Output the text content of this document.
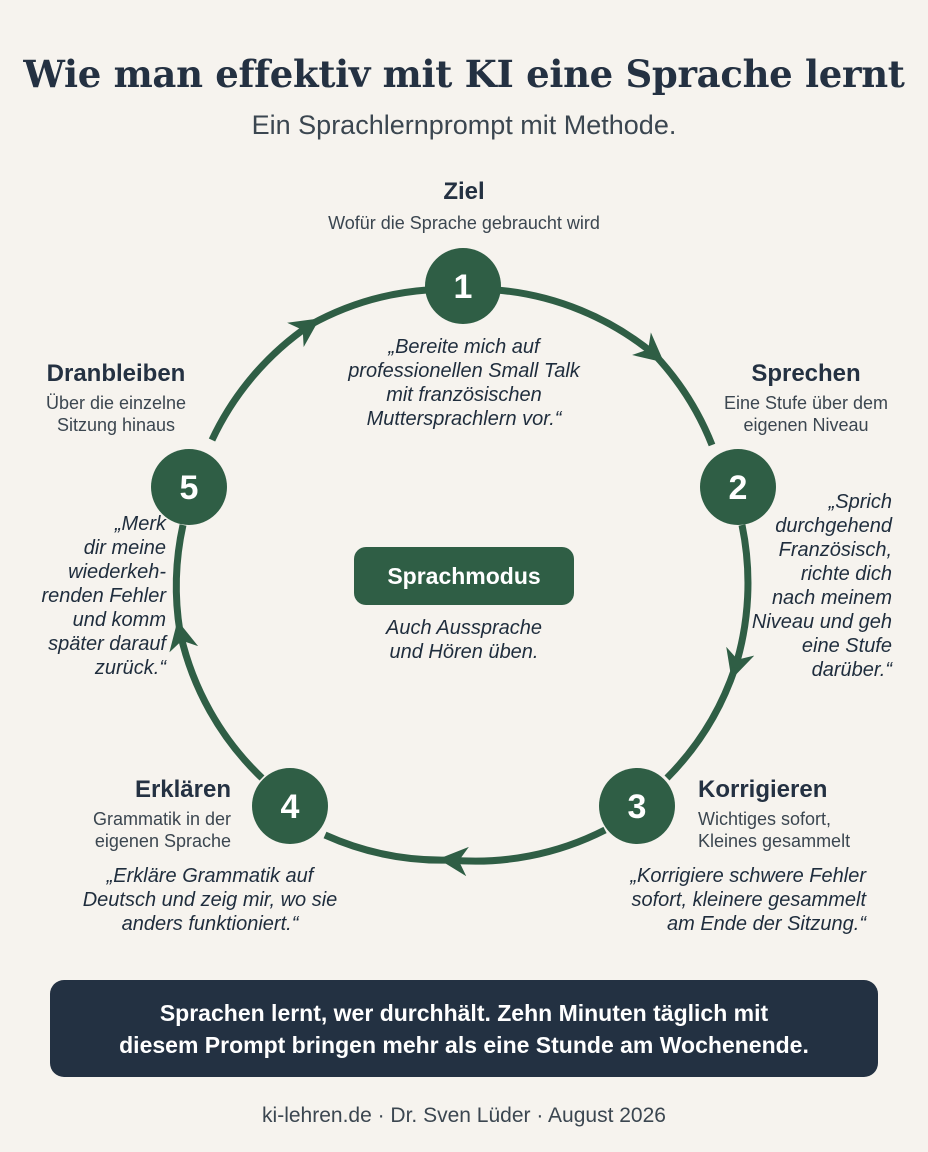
Wie man effektiv mit KI eine Sprache lernt
Ein Sprachlernprompt mit Methode.
1
2
3
4
5
Ziel
Wofür die Sprache gebraucht wird
„Bereite mich auf
professionellen Small Talk
mit französischen
Muttersprachlern vor.“
Sprechen
Eine Stufe über dem
eigenen Niveau
„Sprich
durchgehend
Französisch,
richte dich
nach meinem
Niveau und geh
eine Stufe
darüber.“
Korrigieren
Wichtiges sofort,
Kleines gesammelt
„Korrigiere schwere Fehler
sofort, kleinere gesammelt
am Ende der Sitzung.“
Erklären
Grammatik in der
eigenen Sprache
„Erkläre Grammatik auf
Deutsch und zeig mir, wo sie
anders funktioniert.“
Dranbleiben
Über die einzelne
Sitzung hinaus
„Merk
dir meine
wiederkeh-
renden Fehler
und komm
später darauf
zurück.“
Sprachmodus
Auch Aussprache
und Hören üben.
Sprachen lernt, wer durchhält. Zehn Minuten täglich mit
diesem Prompt bringen mehr als eine Stunde am Wochenende.
ki-lehren.de · Dr. Sven Lüder · August 2026
